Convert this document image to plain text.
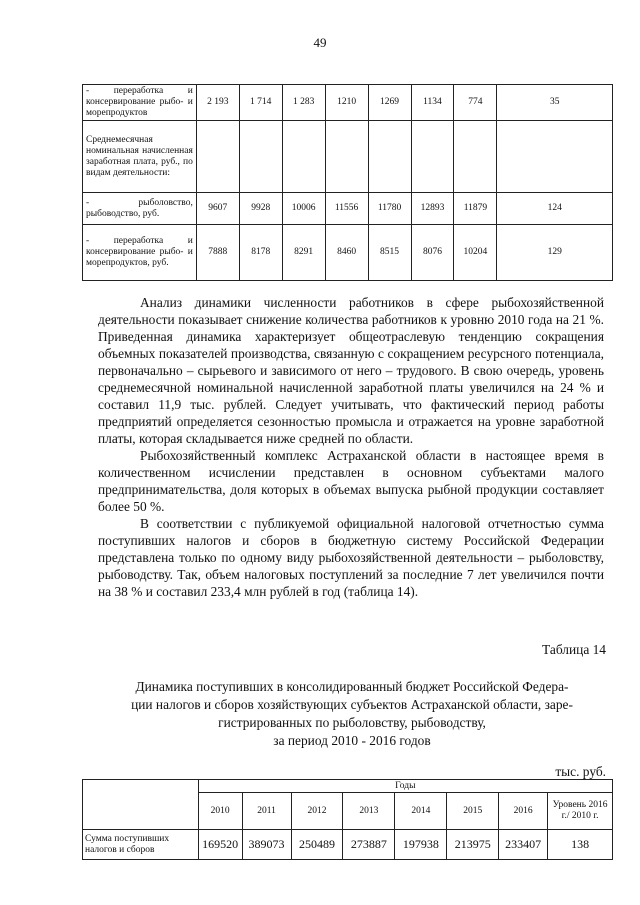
49
- переработка и консервирование рыбо- и морепродуктов	2 193	1 714	1 283	1210	1269	1134	774	35
Среднемесячная номинальная начисленная заработная плата, руб., по видам деятельности:								
- рыболовство, рыбоводство, руб.	9607	9928	10006	11556	11780	12893	11879	124
- переработка и консервирование рыбо- и морепродуктов, руб.	7888	8178	8291	8460	8515	8076	10204	129

Анализ динамики численности работников в сфере рыбохозяйственной деятельности показывает снижение количества работников к уровню 2010 года на 21 %. Приведенная динамика характеризует общеотраслевую тенденцию сокращения объемных показателей производства, связанную с сокращением ресурсного потенциала, первоначально – сырьевого и зависимого от него – трудового. В свою очередь, уровень среднемесячной номинальной начисленной заработной платы увеличился на 24 % и составил 11,9 тыс. рублей. Следует учитывать, что фактический период работы предприятий определяется сезонностью промысла и отражается на уровне заработной платы, которая складывается ниже средней по области.

Рыбохозяйственный комплекс Астраханской области в настоящее время в количественном исчислении представлен в основном субъектами малого предпринимательства, доля которых в объемах выпуска рыбной продукции составляет более 50 %.

В соответствии с публикуемой официальной налоговой отчетностью сумма поступивших налогов и сборов в бюджетную систему Российской Федерации представлена только по одному виду рыбохозяйственной деятельности – рыболовству, рыбоводству. Так, объем налоговых поступлений за последние 7 лет увеличился почти на 38 % и составил 233,4 млн рублей в год (таблица 14).

Таблица 14
Динамика поступивших в консолидированный бюджет Российской Федера-
ции налогов и сборов хозяйствующих субъектов Астраханской области, заре-
гистрированных по рыболовству, рыбоводству,
за период 2010 - 2016 годов
тыс. руб.
	Годы							
	2010	2011	2012	2013	2014	2015	2016	Уровень 2016 г./ 2010 г.
Сумма поступивших налогов и сборов	169520	389073	250489	273887	197938	213975	233407	138
